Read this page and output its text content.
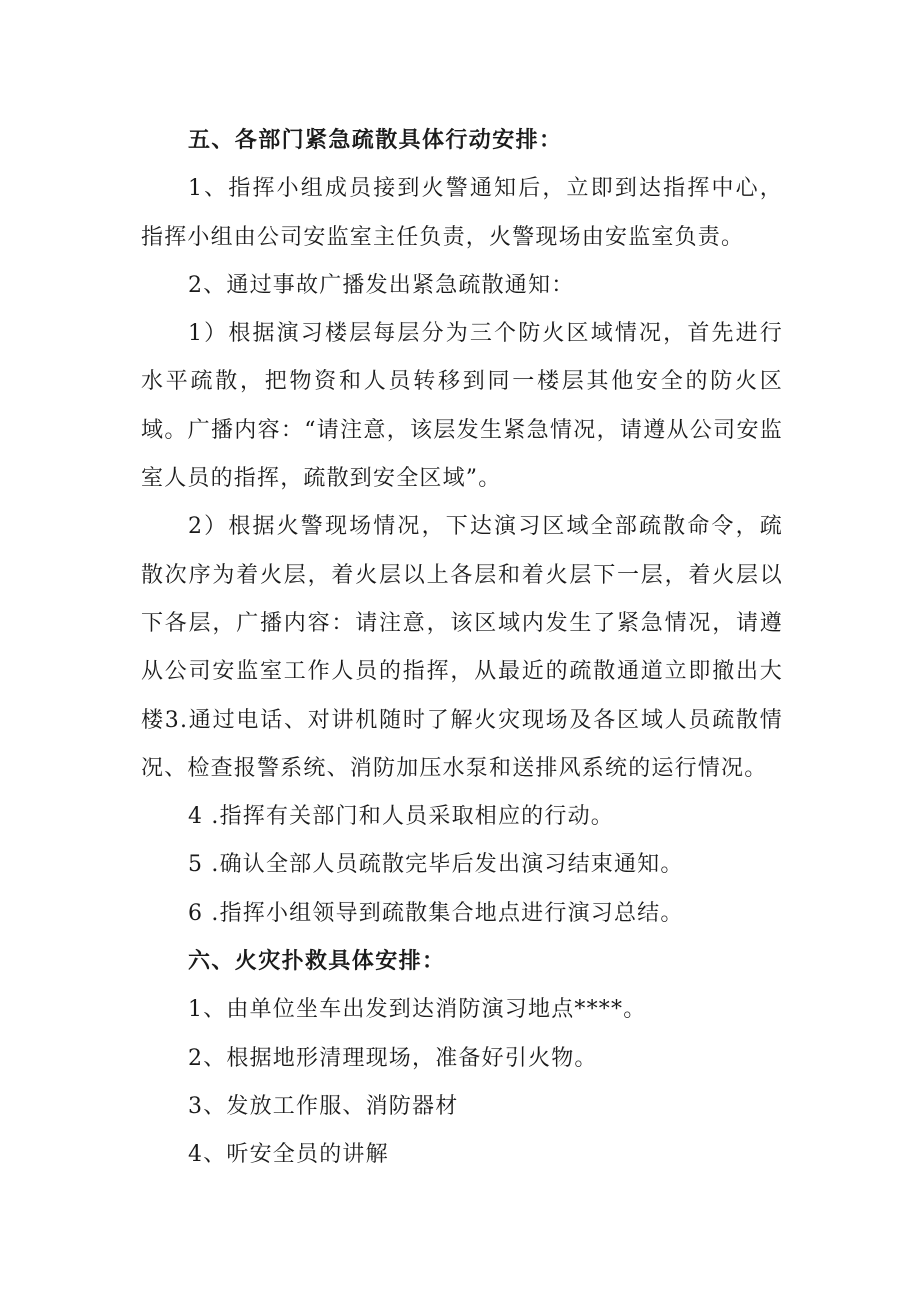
五、各部门紧急疏散具体行动安排：

1、指挥小组成员接到火警通知后，立即到达指挥中心，指挥小组由公司安监室主任负责，火警现场由安监室负责。

2、通过事故广播发出紧急疏散通知：

1）根据演习楼层每层分为三个防火区域情况，首先进行水平疏散，把物资和人员转移到同一楼层其他安全的防火区域。广播内容：“请注意，该层发生紧急情况，请遵从公司安监室人员的指挥，疏散到安全区域”。

2）根据火警现场情况，下达演习区域全部疏散命令，疏散次序为着火层，着火层以上各层和着火层下一层，着火层以下各层，广播内容：请注意，该区域内发生了紧急情况，请遵从公司安监室工作人员的指挥，从最近的疏散通道立即撤出大楼3.通过电话、对讲机随时了解火灾现场及各区域人员疏散情况、检查报警系统、消防加压水泵和送排风系统的运行情况。

4 .指挥有关部门和人员采取相应的行动。

5 .确认全部人员疏散完毕后发出演习结束通知。

6 .指挥小组领导到疏散集合地点进行演习总结。

六、火灾扑救具体安排：

1、由单位坐车出发到达消防演习地点****。

2、根据地形清理现场，准备好引火物。

3、发放工作服、消防器材

4、听安全员的讲解
